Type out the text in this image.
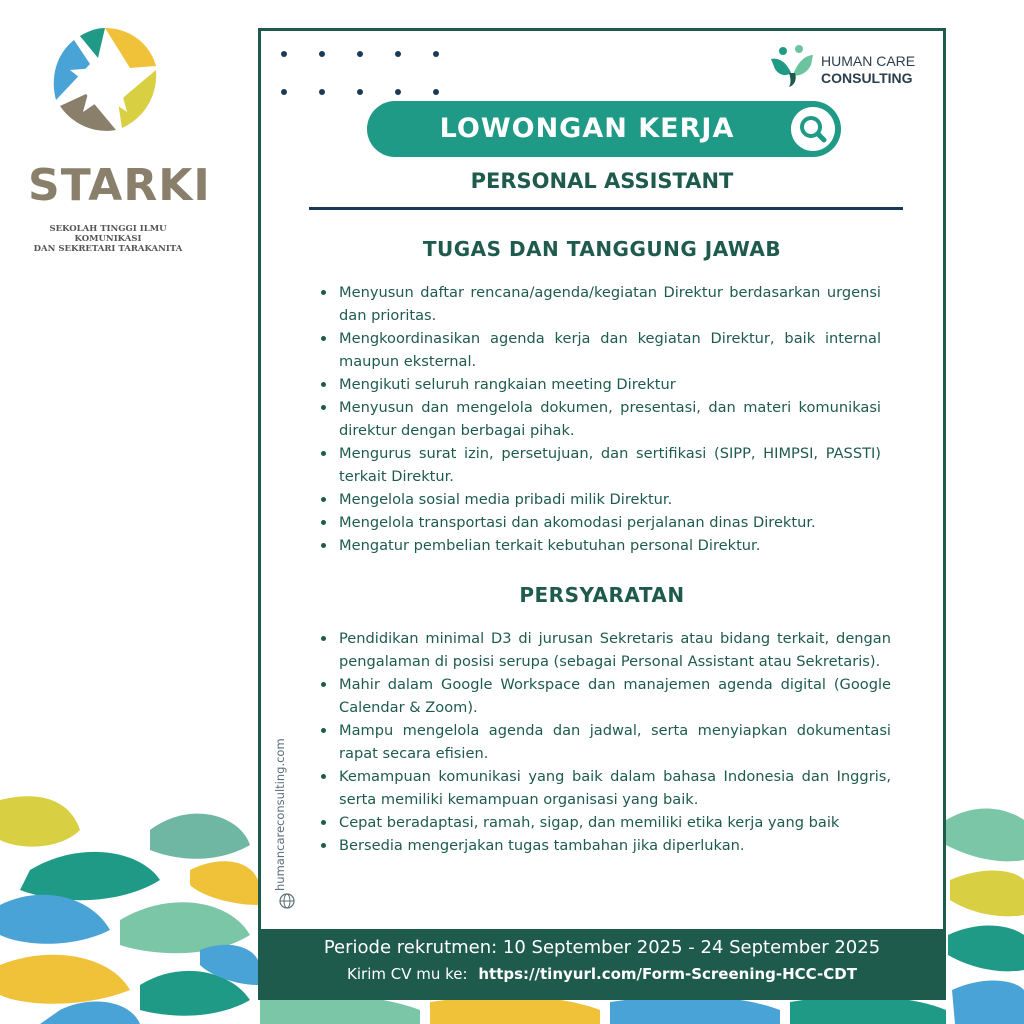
STARKI
SEKOLAH TINGGI ILMU KOMUNIKASI
DAN SEKRETARI TARAKANITA
HUMAN CARE
CONSULTING
LOWONGAN KERJA
PERSONAL ASSISTANT
TUGAS DAN TANGGUNG JAWAB
Menyusun daftar rencana/agenda/kegiatan Direktur berdasarkan urgensi dan prioritas.
Mengkoordinasikan agenda kerja dan kegiatan Direktur, baik internal maupun eksternal.
Mengikuti seluruh rangkaian meeting Direktur
Menyusun dan mengelola dokumen, presentasi, dan materi komunikasi direktur dengan berbagai pihak.
Mengurus surat izin, persetujuan, dan sertifikasi (SIPP, HIMPSI, PASSTI) terkait Direktur.
Mengelola sosial media pribadi milik Direktur.
Mengelola transportasi dan akomodasi perjalanan dinas Direktur.
Mengatur pembelian terkait kebutuhan personal Direktur.
PERSYARATAN
Pendidikan minimal D3 di jurusan Sekretaris atau bidang terkait, dengan pengalaman di posisi serupa (sebagai Personal Assistant atau Sekretaris).
Mahir dalam Google Workspace dan manajemen agenda digital (Google Calendar & Zoom).
Mampu mengelola agenda dan jadwal, serta menyiapkan dokumentasi rapat secara efisien.
Kemampuan komunikasi yang baik dalam bahasa Indonesia dan Inggris, serta memiliki kemampuan organisasi yang baik.
Cepat beradaptasi, ramah, sigap, dan memiliki etika kerja yang baik
Bersedia mengerjakan tugas tambahan jika diperlukan.
humancareconsulting.com
Periode rekrutmen: 10 September 2025 - 24 September 2025
Kirim CV mu ke: https://tinyurl.com/Form-Screening-HCC-CDT
